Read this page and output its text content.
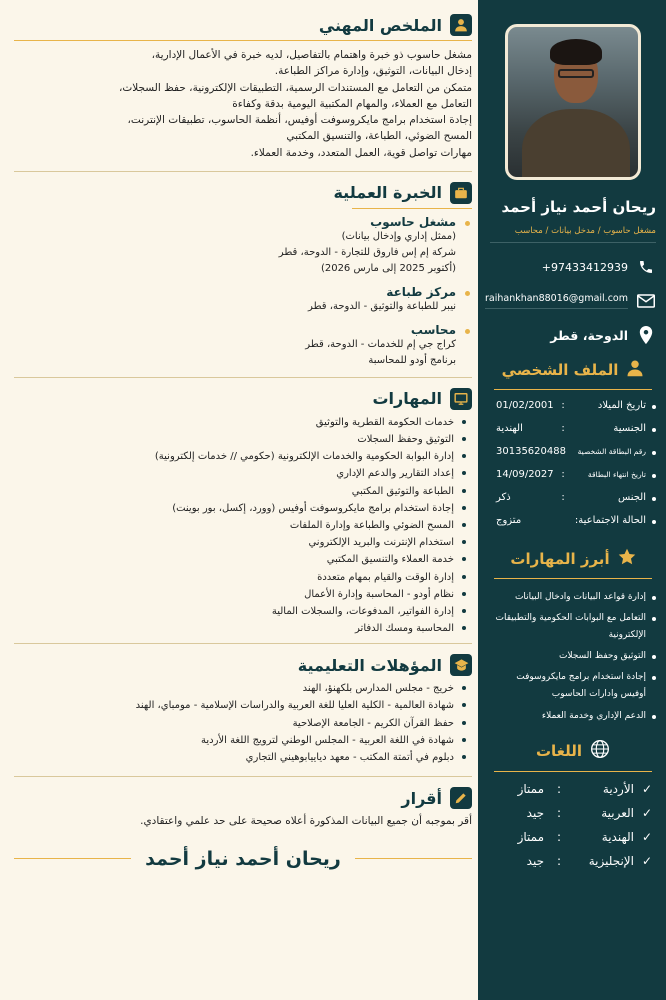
ريحان أحمد نياز أحمد
مشغل حاسوب / مدخل بيانات / محاسب
+97433412939
raihankhan88016@gmail.com
الدوحة، قطر
الملف الشخصي
تاريخ الميلاد
:
01/02/2001
الجنسية
:
الهندية
رقم البطاقة الشخصية
30135620488
تاريخ انتهاء البطاقة
:
14/09/2027
الجنس
:
ذكر
الحالة الاجتماعية:
متزوج
أبرز المهارات
إدارة قواعد البيانات وادخال البيانات
التعامل مع البوابات الحكومية والتطبيقات الإلكترونية
التوثيق وحفظ السجلات
إجادة استخدام برامج مايكروسوفت أوفيس وادارات الحاسوب
الدعم الإداري وخدمة العملاء
اللغات
✓
الأردية
:
ممتاز
✓
العربية
:
جيد
✓
الهندية
:
ممتاز
✓
الإنجليزية
:
جيد
الملخص المهني
مشغل حاسوب ذو خبرة واهتمام بالتفاصيل، لديه خبرة في الأعمال الإدارية،
إدخال البيانات، التوثيق، وإدارة مراكز الطباعة.
متمكن من التعامل مع المستندات الرسمية، التطبيقات الإلكترونية، حفظ السجلات،
التعامل مع العملاء، والمهام المكتبية اليومية بدقة وكفاءة
إجادة استخدام برامج مايكروسوفت أوفيس، أنظمة الحاسوب، تطبيقات الإنترنت،
المسح الضوئي، الطباعة، والتنسيق المكتبي
مهارات تواصل قوية، العمل المتعدد، وخدمة العملاء.
الخبرة العملية
مشغل حاسوب
(ممثل إداري وإدخال بيانات)
شركة إم إس فاروق للتجارة - الدوحة، قطر
(أكتوبر 2025 إلى مارس 2026)
مركز طباعة
نيبر للطباعة والتوثيق - الدوحة، قطر
محاسب
كراج جي إم للخدمات - الدوحة، قطر
برنامج أودو للمحاسبة
المهارات
خدمات الحكومة القطرية والتوثيق
التوثيق وحفظ السجلات
إدارة البوابة الحكومية والخدمات الإلكترونية (حكومي // خدمات إلكترونية)
إعداد التقارير والدعم الإداري
الطباعة والتوثيق المكتبي
إجادة استخدام برامج مايكروسوفت أوفيس (وورد، إكسل، بور بوينت)
المسح الضوئي والطباعة وإدارة الملفات
استخدام الإنترنت والبريد الإلكتروني
خدمة العملاء والتنسيق المكتبي
إدارة الوقت والقيام بمهام متعددة
نظام أودو - المحاسبة وإدارة الأعمال
إدارة الفواتير، المدفوعات، والسجلات المالية
المحاسبة ومسك الدفاتر
المؤهلات التعليمية
خريج - مجلس المدارس بلكهنؤ، الهند
شهادة العالمية - الكلية العليا للغة العربية والدراسات الإسلامية - مومباي، الهند
حفظ القرآن الكريم - الجامعة الإصلاحية
شهادة في اللغة العربية - المجلس الوطني لترويج اللغة الأردية
دبلوم في أتمتة المكتب - معهد دياييابوهيني التجاري
أقرار
أقر بموجبه أن جميع البيانات المذكورة أعلاه صحيحة على حد علمي واعتقادي.
ريحان أحمد نياز أحمد
